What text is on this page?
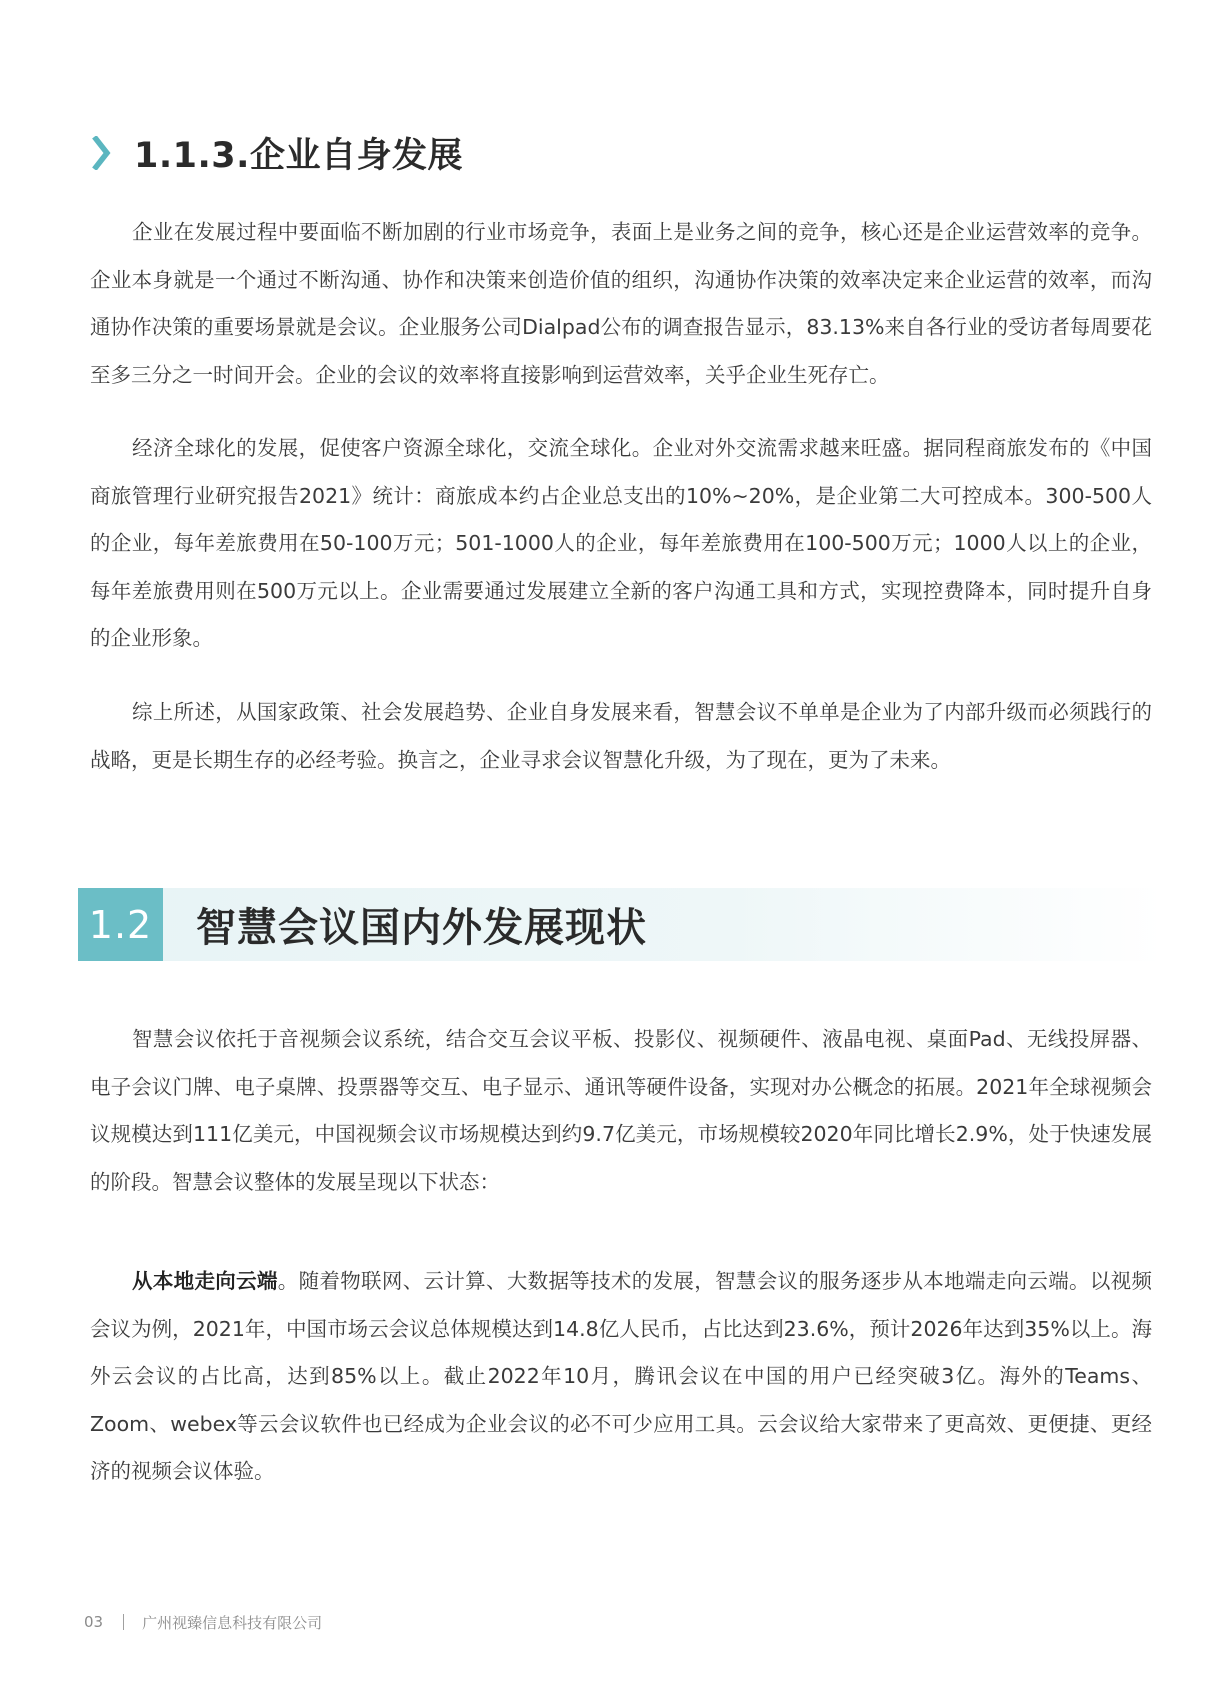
1.1.3.企业自身发展

企业在发展过程中要面临不断加剧的行业市场竞争，表面上是业务之间的竞争，核心还是企业运营效率的竞争。企业本身就是一个通过不断沟通、协作和决策来创造价值的组织，沟通协作决策的效率决定来企业运营的效率，而沟通协作决策的重要场景就是会议。企业服务公司Dialpad公布的调查报告显示，83.13%来自各行业的受访者每周要花至多三分之一时间开会。企业的会议的效率将直接影响到运营效率，关乎企业生死存亡。

经济全球化的发展，促使客户资源全球化，交流全球化。企业对外交流需求越来旺盛。据同程商旅发布的《中国商旅管理行业研究报告2021》统计：商旅成本约占企业总支出的10%~20%，是企业第二大可控成本。300-500人的企业，每年差旅费用在50-100万元；501-1000人的企业，每年差旅费用在100-500万元；1000人以上的企业，每年差旅费用则在500万元以上。企业需要通过发展建立全新的客户沟通工具和方式，实现控费降本，同时提升自身的企业形象。

综上所述，从国家政策、社会发展趋势、企业自身发展来看，智慧会议不单单是企业为了内部升级而必须践行的战略，更是长期生存的必经考验。换言之，企业寻求会议智慧化升级，为了现在，更为了未来。

1.2 智慧会议国内外发展现状

智慧会议依托于音视频会议系统，结合交互会议平板、投影仪、视频硬件、液晶电视、桌面Pad、无线投屏器、电子会议门牌、电子桌牌、投票器等交互、电子显示、通讯等硬件设备，实现对办公概念的拓展。2021年全球视频会议规模达到111亿美元，中国视频会议市场规模达到约9.7亿美元，市场规模较2020年同比增长2.9%，处于快速发展的阶段。智慧会议整体的发展呈现以下状态：

从本地走向云端。随着物联网、云计算、大数据等技术的发展，智慧会议的服务逐步从本地端走向云端。以视频会议为例，2021年，中国市场云会议总体规模达到14.8亿人民币，占比达到23.6%，预计2026年达到35%以上。海外云会议的占比高，达到85%以上。截止2022年10月，腾讯会议在中国的用户已经突破3亿。海外的Teams、Zoom、webex等云会议软件也已经成为企业会议的必不可少应用工具。云会议给大家带来了更高效、更便捷、更经济的视频会议体验。

03	广州视臻信息科技有限公司
